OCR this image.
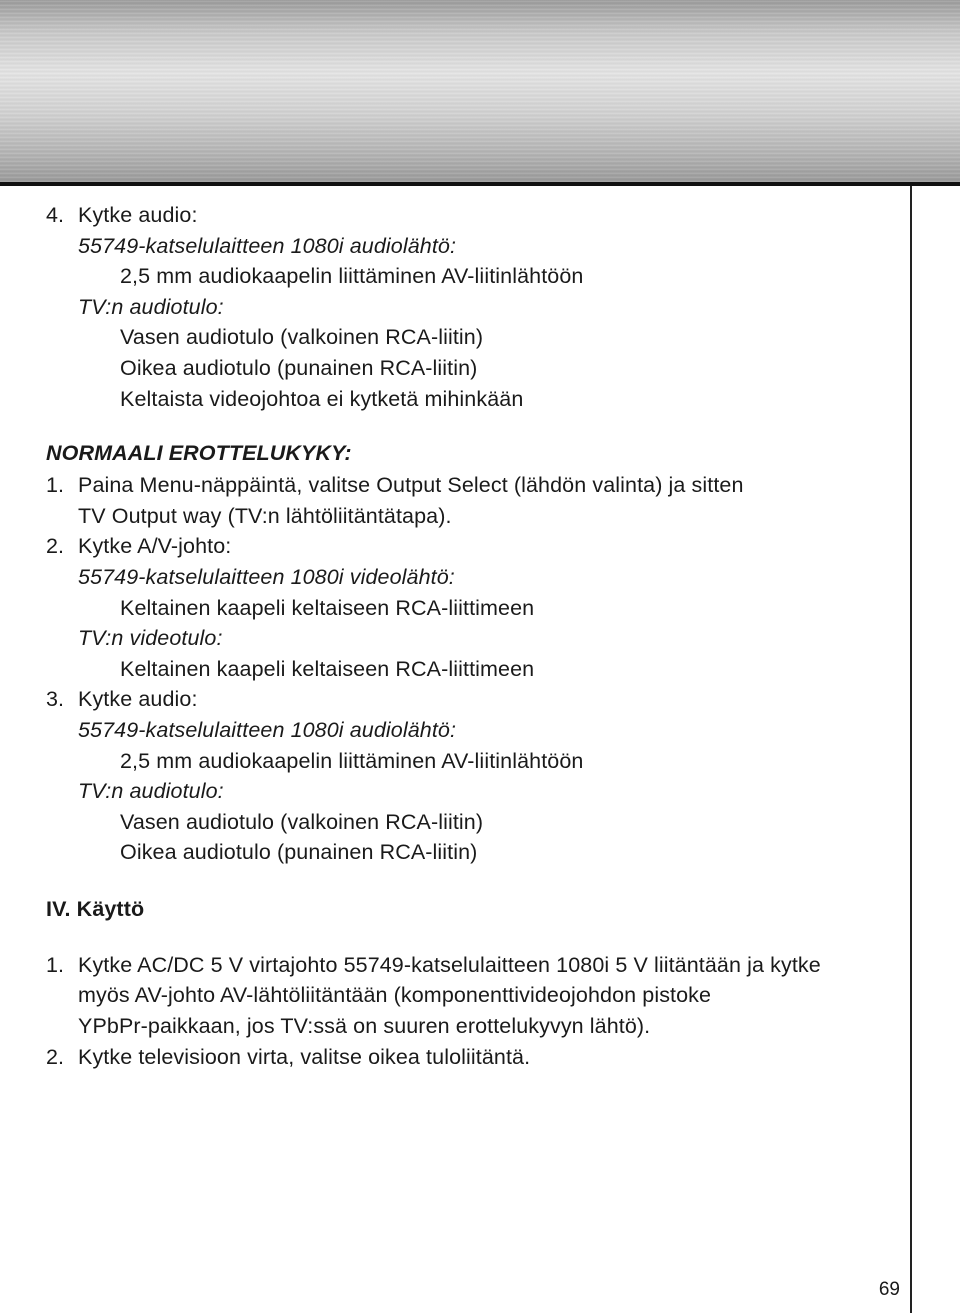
4. Kytke audio:
55749-katselulaitteen 1080i audiolähtö:
2,5 mm audiokaapelin liittäminen AV-liitinlähtöön
TV:n audiotulo:
Vasen audiotulo (valkoinen RCA-liitin)
Oikea audiotulo (punainen RCA-liitin)
Keltaista videojohtoa ei kytketä mihinkään
NORMAALI EROTTELUKYKY:
1. Paina Menu-näppäintä, valitse Output Select (lähdön valinta) ja sitten
TV Output way (TV:n lähtöliitäntätapa).
2. Kytke A/V-johto:
55749-katselulaitteen 1080i videolähtö:
Keltainen kaapeli keltaiseen RCA-liittimeen
TV:n videotulo:
Keltainen kaapeli keltaiseen RCA-liittimeen
3. Kytke audio:
55749-katselulaitteen 1080i audiolähtö:
2,5 mm audiokaapelin liittäminen AV-liitinlähtöön
TV:n audiotulo:
Vasen audiotulo (valkoinen RCA-liitin)
Oikea audiotulo (punainen RCA-liitin)
IV. Käyttö
1. Kytke AC/DC 5 V virtajohto 55749-katselulaitteen 1080i 5 V liitäntään ja kytke
myös AV-johto AV-lähtöliitäntään (komponenttivideojohdon pistoke
YPbPr-paikkaan, jos TV:ssä on suuren erottelukyvyn lähtö).
2. Kytke televisioon virta, valitse oikea tuloliitäntä.
69
